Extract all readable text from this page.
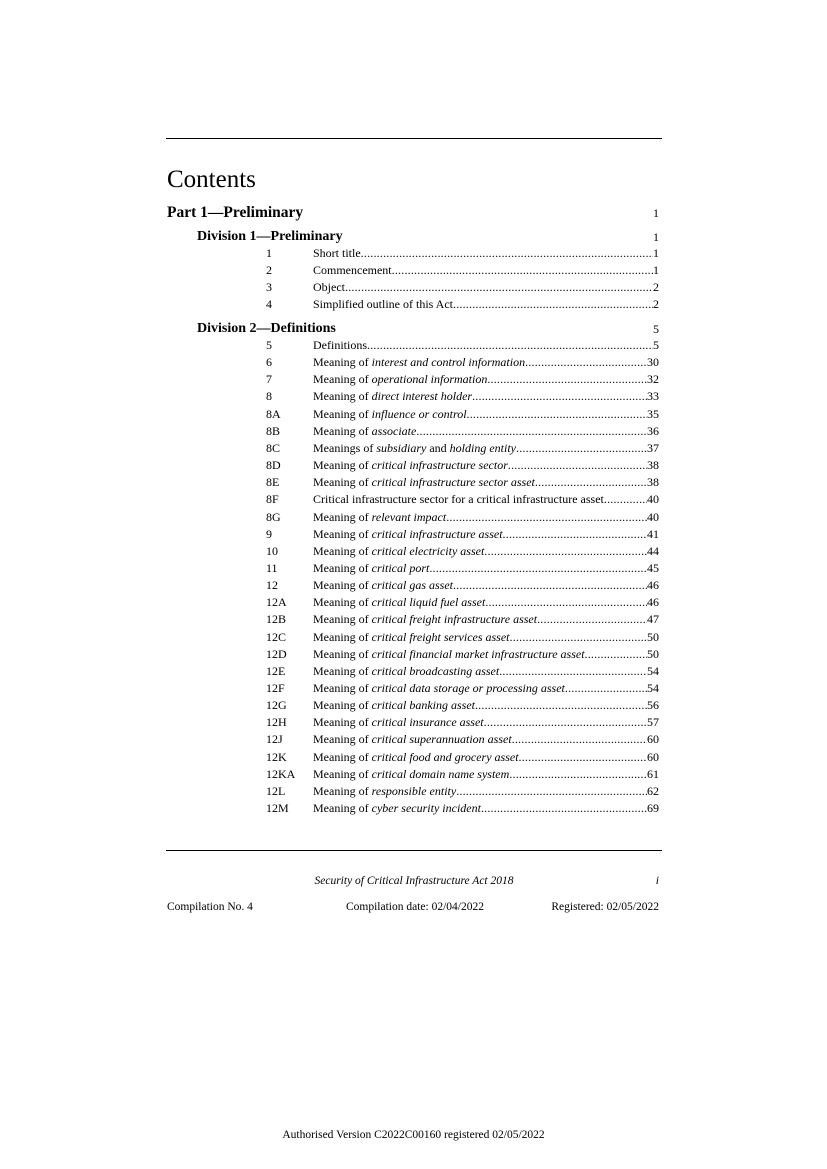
Contents
Part 1—Preliminary	1
Division 1—Preliminary	1
1	Short title .....	1
2	Commencement .....	1
3	Object .....	2
4	Simplified outline of this Act .....	2
Division 2—Definitions	5
5	Definitions .....	5
6	Meaning of interest and control information .....	30
7	Meaning of operational information .....	32
8	Meaning of direct interest holder .....	33
8A	Meaning of influence or control .....	35
8B	Meaning of associate .....	36
8C	Meanings of subsidiary and holding entity .....	37
8D	Meaning of critical infrastructure sector .....	38
8E	Meaning of critical infrastructure sector asset .....	38
8F	Critical infrastructure sector for a critical infrastructure asset .....	40
8G	Meaning of relevant impact .....	40
9	Meaning of critical infrastructure asset .....	41
10	Meaning of critical electricity asset .....	44
11	Meaning of critical port .....	45
12	Meaning of critical gas asset .....	46
12A Meaning of critical liquid fuel asset .....	46
12B Meaning of critical freight infrastructure asset .....	47
12C Meaning of critical freight services asset .....	50
12D Meaning of critical financial market infrastructure asset .....	50
12E Meaning of critical broadcasting asset .....	54
12F Meaning of critical data storage or processing asset .....	54
12G Meaning of critical banking asset .....	56
12H Meaning of critical insurance asset .....	57
12J	Meaning of critical superannuation asset .....	60
12K Meaning of critical food and grocery asset .....	60
12KA Meaning of critical domain name system .....	61
12L Meaning of responsible entity .....	62
12M Meaning of cyber security incident .....	69
Security of Critical Infrastructure Act 2018	i
Compilation No. 4	Compilation date: 02/04/2022	Registered: 02/05/2022
Authorised Version C2022C00160 registered 02/05/2022
